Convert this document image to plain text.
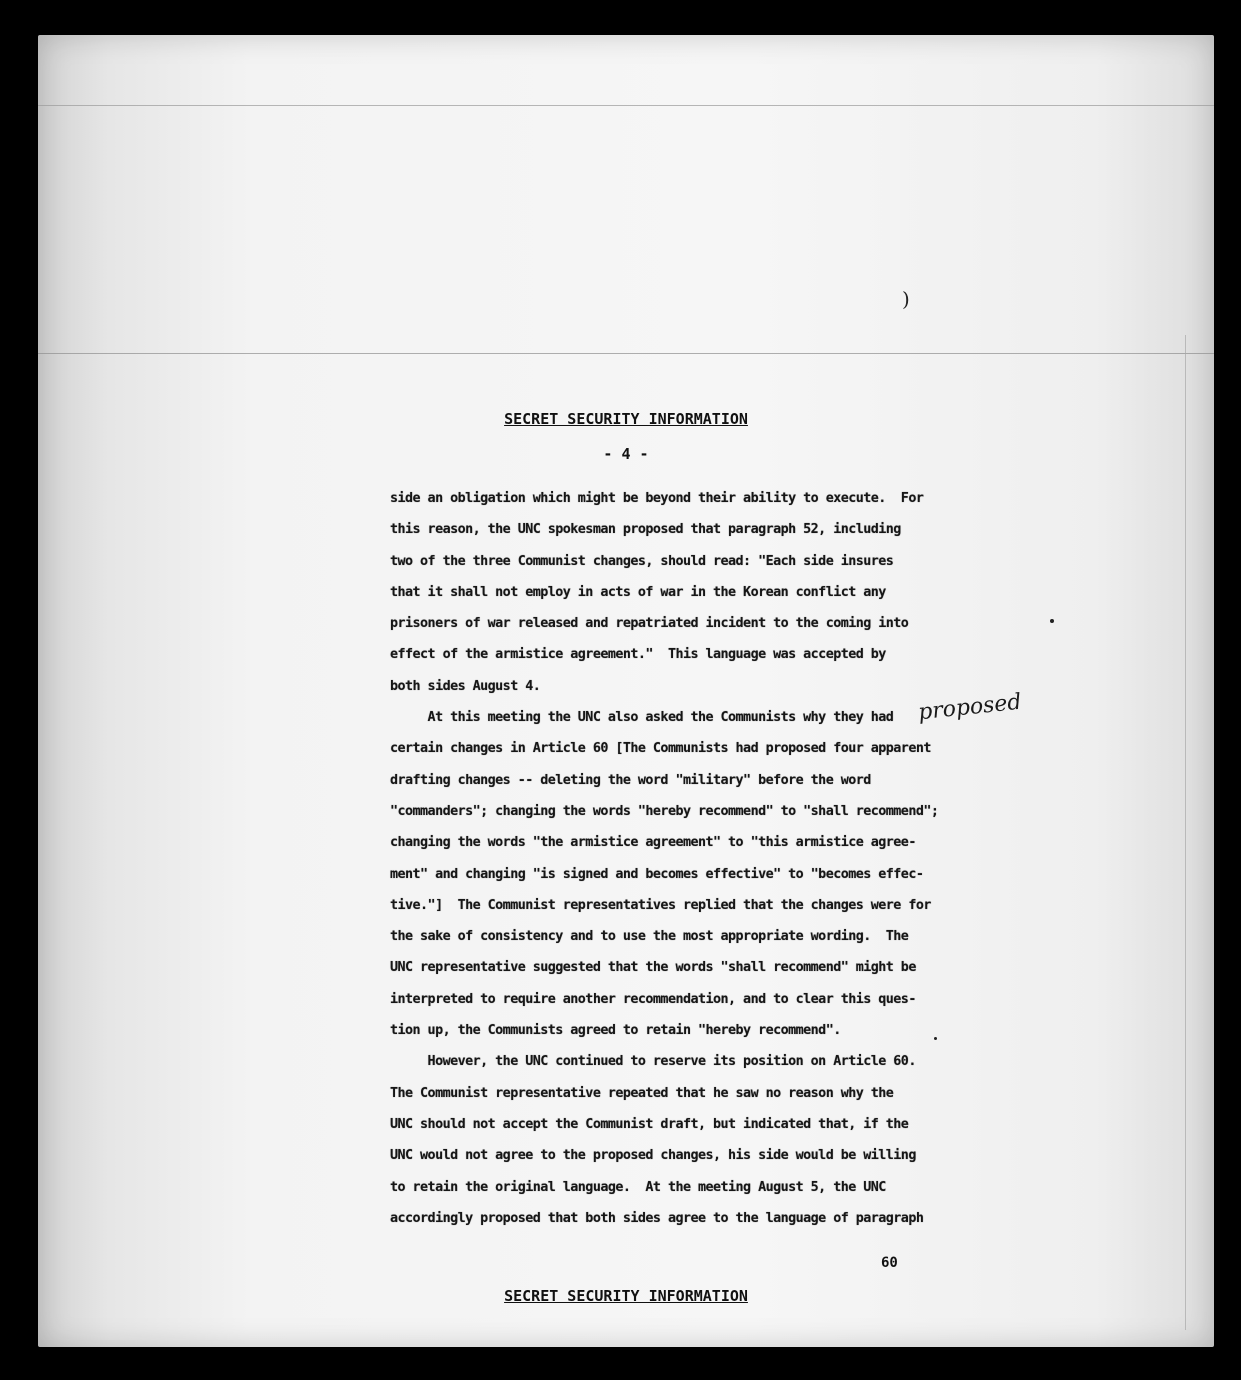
)
SECRET SECURITY INFORMATION
- 4 -
proposed
side an obligation which might be beyond their ability to execute.  For
this reason, the UNC spokesman proposed that paragraph 52, including
two of the three Communist changes, should read: "Each side insures
that it shall not employ in acts of war in the Korean conflict any
prisoners of war released and repatriated incident to the coming into
effect of the armistice agreement."  This language was accepted by
both sides August 4.
At this meeting the UNC also asked the Communists why they had
certain changes in Article 60 [The Communists had proposed four apparent
drafting changes -- deleting the word "military" before the word
"commanders"; changing the words "hereby recommend" to "shall recommend";
changing the words "the armistice agreement" to "this armistice agree-
ment" and changing "is signed and becomes effective" to "becomes effec-
tive."]  The Communist representatives replied that the changes were for
the sake of consistency and to use the most appropriate wording.  The
UNC representative suggested that the words "shall recommend" might be
interpreted to require another recommendation, and to clear this ques-
tion up, the Communists agreed to retain "hereby recommend".
However, the UNC continued to reserve its position on Article 60.
The Communist representative repeated that he saw no reason why the
UNC should not accept the Communist draft, but indicated that, if the
UNC would not agree to the proposed changes, his side would be willing
to retain the original language.  At the meeting August 5, the UNC
accordingly proposed that both sides agree to the language of paragraph
60
SECRET SECURITY INFORMATION
